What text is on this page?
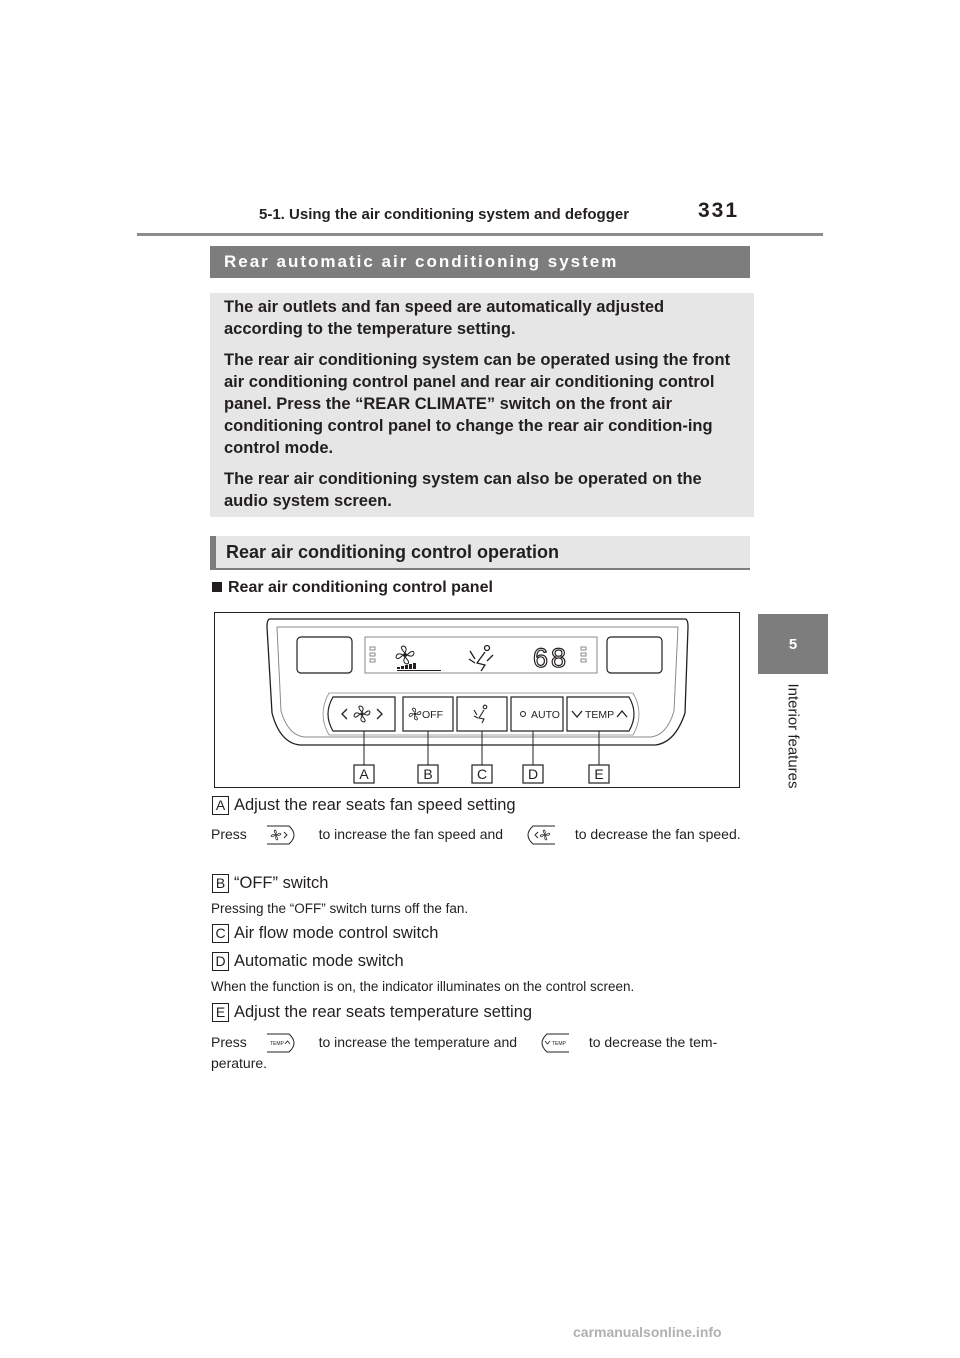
5-1. Using the air conditioning system and defogger	331
5
Interior features
Rear automatic air conditioning system

The air outlets and fan speed are automatically adjusted according to the temperature setting.

The rear air conditioning system can be operated using the front air conditioning control panel and rear air conditioning control panel. Press the “REAR CLIMATE” switch on the front air conditioning control panel to change the rear air condition-ing control mode.

The rear air conditioning system can also be operated on the audio system screen.

Rear air conditioning control operation
Rear air conditioning control panel
68
OFF	AUTO TEMP
A	B	C	D	E
A Adjust the rear seats fan speed setting
Press	to increase the fan speed and	to decrease the fan speed.
B “OFF” switch
Pressing the “OFF” switch turns off the fan.
C Air flow mode control switch
D Automatic mode switch
When the function is on, the indicator illuminates on the control screen.
E Adjust the rear seats temperature setting
Press	TEMP	to increase the temperature and	TEMP to decrease the tem-perature.
carmanualsonline.info
